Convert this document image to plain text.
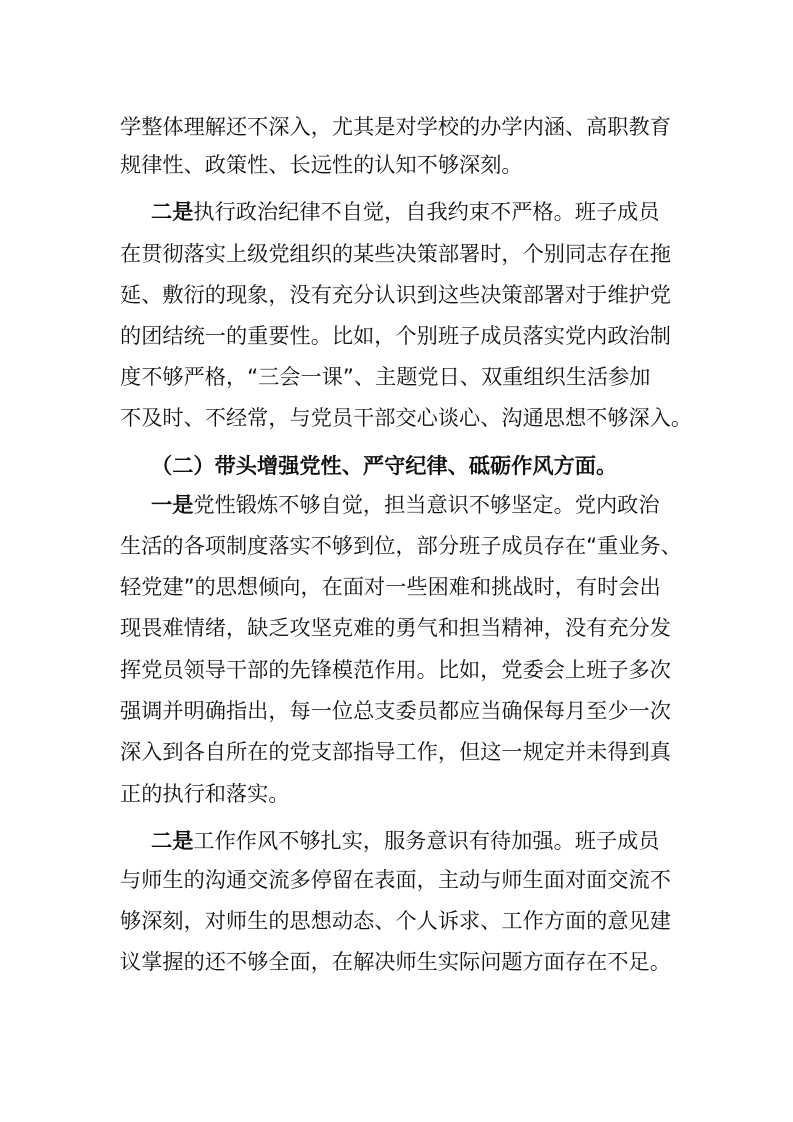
学整体理解还不深入，尤其是对学校的办学内涵、高职教育
规律性、政策性、长远性的认知不够深刻。
二是执行政治纪律不自觉，自我约束不严格。班子成员
在贯彻落实上级党组织的某些决策部署时，个别同志存在拖
延、敷衍的现象，没有充分认识到这些决策部署对于维护党
的团结统一的重要性。比如，个别班子成员落实党内政治制
度不够严格，“三会一课”、主题党日、双重组织生活参加
不及时、不经常，与党员干部交心谈心、沟通思想不够深入。
（二）带头增强党性、严守纪律、砥砺作风方面。
一是党性锻炼不够自觉，担当意识不够坚定。党内政治
生活的各项制度落实不够到位，部分班子成员存在“重业务、
轻党建”的思想倾向，在面对一些困难和挑战时，有时会出
现畏难情绪，缺乏攻坚克难的勇气和担当精神，没有充分发
挥党员领导干部的先锋模范作用。比如，党委会上班子多次
强调并明确指出，每一位总支委员都应当确保每月至少一次
深入到各自所在的党支部指导工作，但这一规定并未得到真
正的执行和落实。
二是工作作风不够扎实，服务意识有待加强。班子成员
与师生的沟通交流多停留在表面，主动与师生面对面交流不
够深刻，对师生的思想动态、个人诉求、工作方面的意见建
议掌握的还不够全面，在解决师生实际问题方面存在不足。
